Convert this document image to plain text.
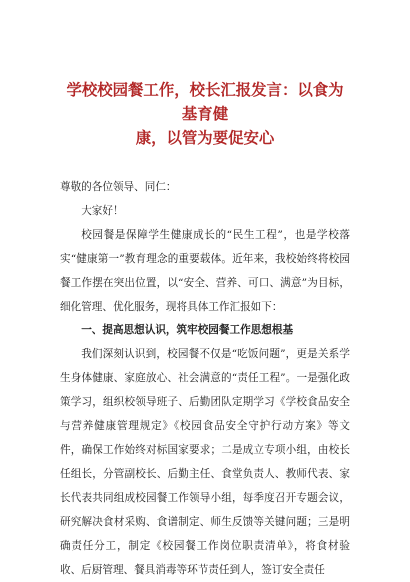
学校校园餐工作，校长汇报发言：以食为基育健
康，以管为要促安心

尊敬的各位领导、同仁：

大家好！

校园餐是保障学生健康成长的“民生工程”，也是学校落实“健康第一”教育理念的重要载体。近年来，我校始终将校园餐工作摆在突出位置，以“安全、营养、可口、满意”为目标，细化管理、优化服务，现将具体工作汇报如下：

一、提高思想认识，筑牢校园餐工作思想根基

我们深刻认识到，校园餐不仅是“吃饭问题”，更是关系学生身体健康、家庭放心、社会满意的“责任工程”。一是强化政策学习，组织校领导班子、后勤团队定期学习《学校食品安全与营养健康管理规定》《校园食品安全守护行动方案》等文件，确保工作始终对标国家要求；二是成立专项小组，由校长任组长，分管副校长、后勤主任、食堂负责人、教师代表、家长代表共同组成校园餐工作领导小组，每季度召开专题会议，研究解决食材采购、食谱制定、师生反馈等关键问题；三是明确责任分工，制定《校园餐工作岗位职责清单》，将食材验收、后厨管理、餐具消毒等环节责任到人，签订安全责任
